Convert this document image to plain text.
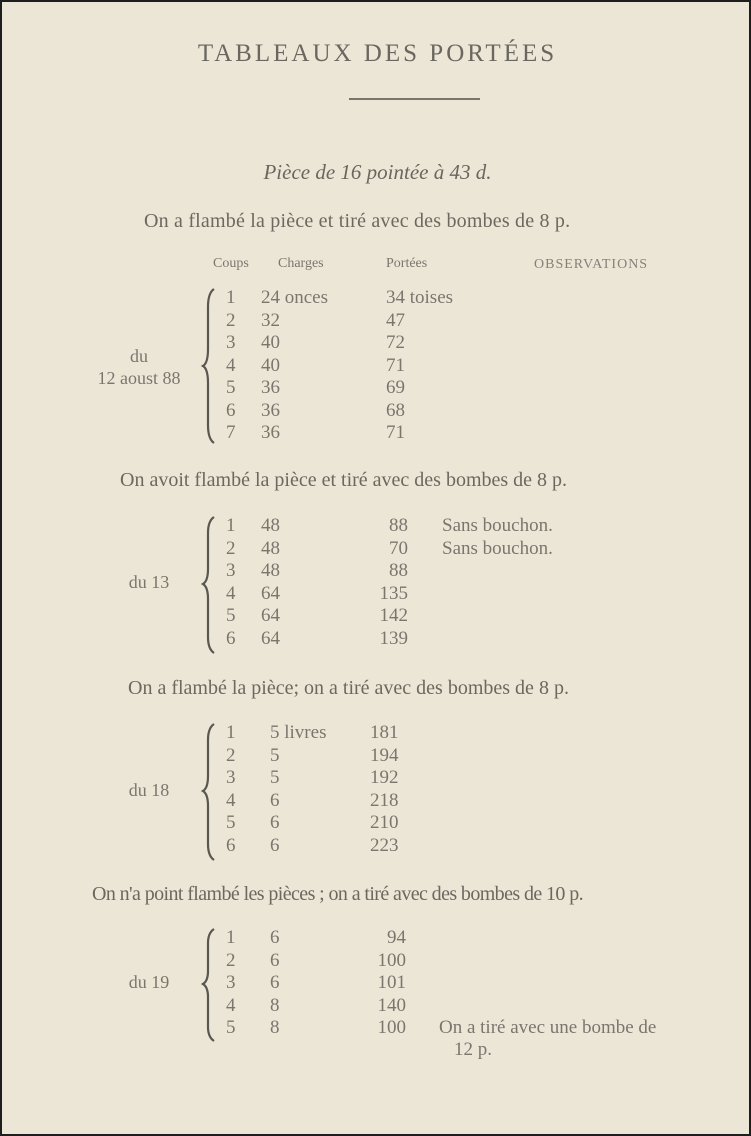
TABLEAUX DES PORTÉES
Pièce de 16 pointée à 43 d.
On a flambé la pièce et tiré avec des bombes de 8 p.
Coups Charges	Portées	OBSERVATIONS
du
12 aoust 88
1 24 onces	34 toises
2 32	47
3 40	72
4 40	71
5 36	69
6 36	68
7 36	71
On avoit flambé la pièce et tiré avec des bombes de 8 p.
du 13
1 48	88 Sans bouchon.
2 48	70 Sans bouchon.
3 48	88
4 64	135
5 64	142
6 64	139
On a flambé la pièce; on a tiré avec des bombes de 8 p.
du 18
1 5 livres 181
2 5	194
3 5	192
4 6	218
5 6	210
6 6	223
On n'a point flambé les pièces ; on a tiré avec des bombes de 10 p.
du 19
1 6	94
2 6	100
3 6	101
4 8	140
5 8	100 On a tiré avec une bombe de
12 p.
